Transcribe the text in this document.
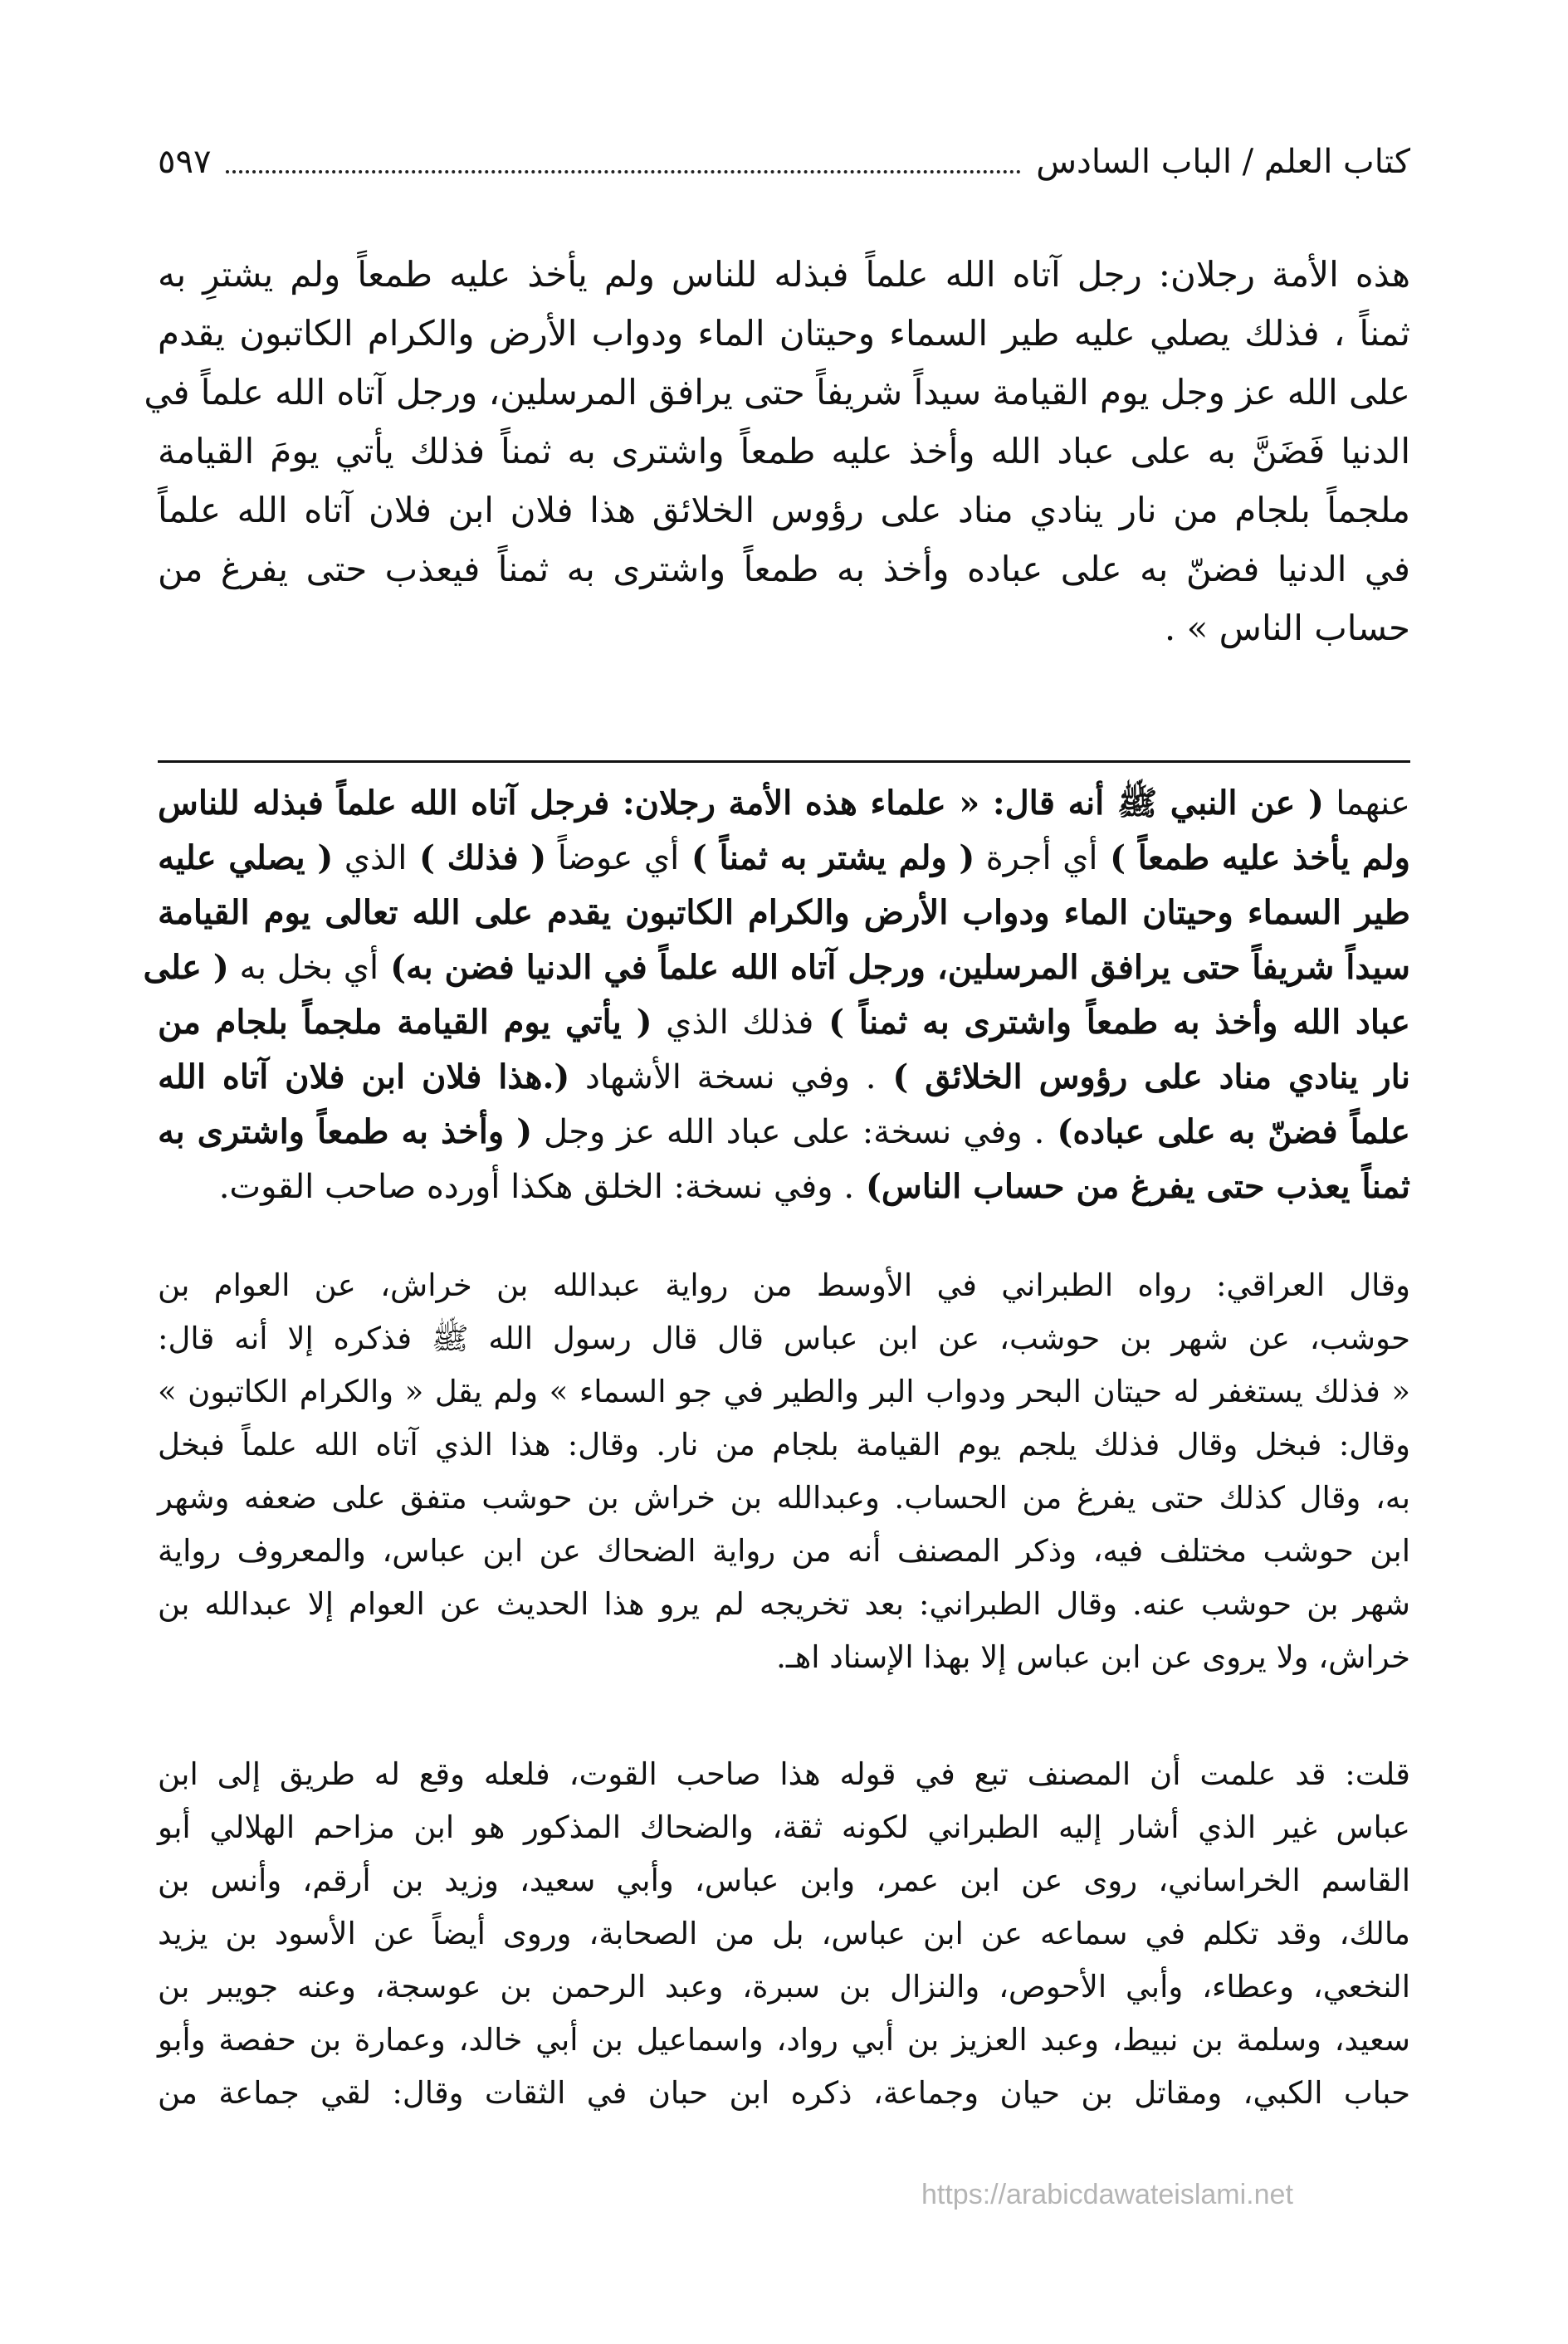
كتاب العلم / الباب السادس
٥٩٧
هذه الأمة رجلان: رجل آتاه الله علماً فبذله للناس ولم يأخذ عليه طمعاً ولم يشترِ به
ثمناً ، فذلك يصلي عليه طير السماء وحيتان الماء ودواب الأرض والكرام الكاتبون يقدم
على الله عز وجل يوم القيامة سيداً شريفاً حتى يرافق المرسلين، ورجل آتاه الله علماً في
الدنيا فَضَنَّ به على عباد الله وأخذ عليه طمعاً واشترى به ثمناً فذلك يأتي يومَ القيامة
ملجماً بلجام من نار ينادي مناد على رؤوس الخلائق هذا فلان ابن فلان آتاه الله علماً
في الدنيا فضنّ به على عباده وأخذ به طمعاً واشترى به ثمناً فيعذب حتى يفرغ من
حساب الناس » .
عنهما ( عن النبي ﷺ أنه قال: « علماء هذه الأمة رجلان: فرجل آتاه الله علماً فبذله للناس
ولم يأخذ عليه طمعاً ) أي أجرة ( ولم يشتر به ثمناً ) أي عوضاً ( فذلك ) الذي ( يصلي عليه
طير السماء وحيتان الماء ودواب الأرض والكرام الكاتبون يقدم على الله تعالى يوم القيامة
سيداً شريفاً حتى يرافق المرسلين، ورجل آتاه الله علماً في الدنيا فضن به) أي بخل به ( على
عباد الله وأخذ به طمعاً واشترى به ثمناً ) فذلك الذي ( يأتي يوم القيامة ملجماً بلجام من
نار ينادي مناد على رؤوس الخلائق ) . وفي نسخة الأشهاد (.هذا فلان ابن فلان آتاه الله
علماً فضنّ به على عباده) . وفي نسخة: على عباد الله عز وجل ( وأخذ به طمعاً واشترى به
ثمناً يعذب حتى يفرغ من حساب الناس) . وفي نسخة: الخلق هكذا أورده صاحب القوت.
وقال العراقي: رواه الطبراني في الأوسط من رواية عبدالله بن خراش، عن العوام بن
حوشب، عن شهر بن حوشب، عن ابن عباس قال قال رسول الله ﷺ فذكره إلا أنه قال:
« فذلك يستغفر له حيتان البحر ودواب البر والطير في جو السماء » ولم يقل « والكرام الكاتبون »
وقال: فبخل وقال فذلك يلجم يوم القيامة بلجام من نار. وقال: هذا الذي آتاه الله علماً فبخل
به، وقال كذلك حتى يفرغ من الحساب. وعبدالله بن خراش بن حوشب متفق على ضعفه وشهر
ابن حوشب مختلف فيه، وذكر المصنف أنه من رواية الضحاك عن ابن عباس، والمعروف رواية
شهر بن حوشب عنه. وقال الطبراني: بعد تخريجه لم يرو هذا الحديث عن العوام إلا عبدالله بن
خراش، ولا يروى عن ابن عباس إلا بهذا الإسناد اهـ.
قلت: قد علمت أن المصنف تبع في قوله هذا صاحب القوت، فلعله وقع له طريق إلى ابن
عباس غير الذي أشار إليه الطبراني لكونه ثقة، والضحاك المذكور هو ابن مزاحم الهلالي أبو
القاسم الخراساني، روى عن ابن عمر، وابن عباس، وأبي سعيد، وزيد بن أرقم، وأنس بن
مالك، وقد تكلم في سماعه عن ابن عباس، بل من الصحابة، وروى أيضاً عن الأسود بن يزيد
النخعي، وعطاء، وأبي الأحوص، والنزال بن سبرة، وعبد الرحمن بن عوسجة، وعنه جويبر بن
سعيد، وسلمة بن نبيط، وعبد العزيز بن أبي رواد، واسماعيل بن أبي خالد، وعمارة بن حفصة وأبو
حباب الكبي، ومقاتل بن حيان وجماعة، ذكره ابن حبان في الثقات وقال: لقي جماعة من
https://arabicdawateislami.net
